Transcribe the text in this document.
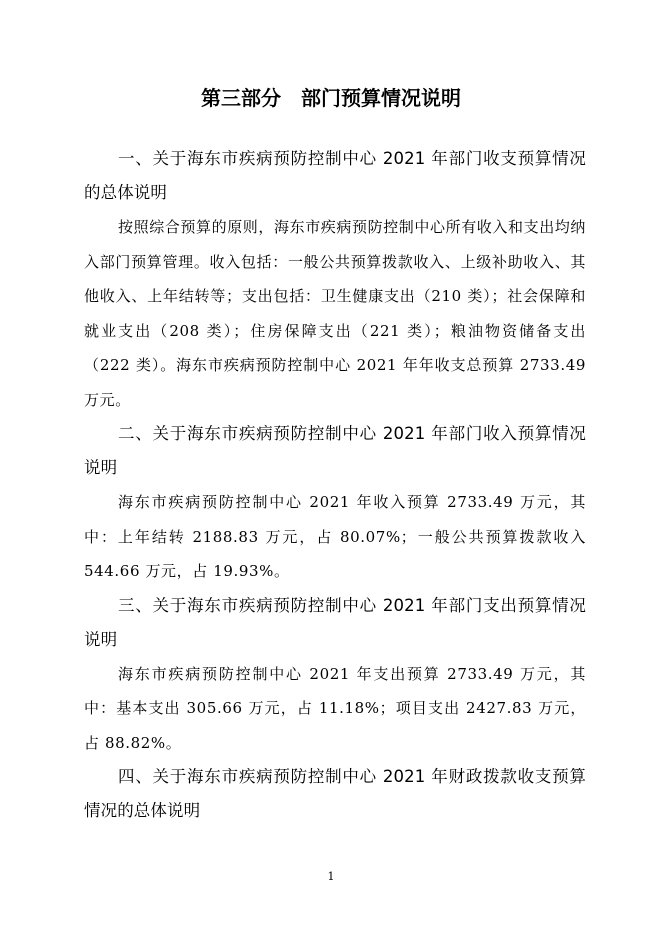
第三部分　部门预算情况说明

一、关于海东市疾病预防控制中心 2021 年部门收支预算情况的总体说明

按照综合预算的原则，海东市疾病预防控制中心所有收入和支出均纳入部门预算管理。收入包括：一般公共预算拨款收入、上级补助收入、其他收入、上年结转等；支出包括：卫生健康支出（210 类）；社会保障和就业支出（208 类）；住房保障支出（221 类）；粮油物资储备支出（222 类）。海东市疾病预防控制中心 2021 年年收支总预算 2733.49 万元。

二、关于海东市疾病预防控制中心 2021 年部门收入预算情况说明

海东市疾病预防控制中心 2021 年收入预算 2733.49 万元，其中：上年结转 2188.83 万元，占 80.07%；一般公共预算拨款收入 544.66 万元，占 19.93%。

三、关于海东市疾病预防控制中心 2021 年部门支出预算情况说明

海东市疾病预防控制中心 2021 年支出预算 2733.49 万元，其中：基本支出 305.66 万元，占 11.18%；项目支出 2427.83 万元，占 88.82%。

四、关于海东市疾病预防控制中心 2021 年财政拨款收支预算情况的总体说明

1
